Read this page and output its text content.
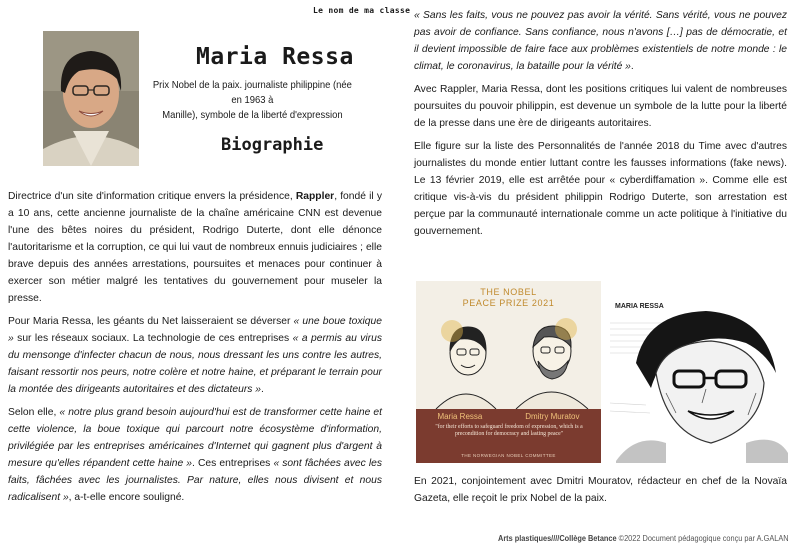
Le nom de ma classe
Maria Ressa
Prix Nobel de la paix. journaliste philippine (née en 1963 à
Manille), symbole de la liberté d'expression
Biographie

Directrice d'un site d'information critique envers la présidence, Rappler, fondé il y a 10 ans, cette ancienne journaliste de la chaîne américaine CNN est devenue l'une des bêtes noires du président, Rodrigo Duterte, dont elle dénonce l'autoritarisme et la corruption, ce qui lui vaut de nombreux ennuis judiciaires ; elle brave depuis des années arrestations, poursuites et menaces pour continuer à exercer son métier malgré les tentatives du gouvernement pour museler la presse.

Pour Maria Ressa, les géants du Net laisseraient se déverser « une boue toxique » sur les réseaux sociaux. La technologie de ces entreprises « a permis au virus du mensonge d'infecter chacun de nous, nous dressant les uns contre les autres, faisant ressortir nos peurs, notre colère et notre haine, et préparant le terrain pour la montée des dirigeants autoritaires et des dictateurs ».

Selon elle, « notre plus grand besoin aujourd'hui est de transformer cette haine et cette violence, la boue toxique qui parcourt notre écosystème d'information, privilégiée par les entreprises américaines d'Internet qui gagnent plus d'argent à mesure qu'elles répandent cette haine ». Ces entreprises « sont fâchées avec les faits, fâchées avec les journalistes. Par nature, elles nous divisent et nous radicalisent », a-t-elle encore souligné.

« Sans les faits, vous ne pouvez pas avoir la vérité. Sans vérité, vous ne pouvez pas avoir de confiance. Sans confiance, nous n'avons […] pas de démocratie, et il devient impossible de faire face aux problèmes existentiels de notre monde : le climat, le coronavirus, la bataille pour la vérité ».

Avec Rappler, Maria Ressa, dont les positions critiques lui valent de nombreuses poursuites du pouvoir philippin, est devenue un symbole de la lutte pour la liberté de la presse dans une ère de dirigeants autoritaires.

Elle figure sur la liste des Personnalités de l'année 2018 du Time avec d'autres journalistes du monde entier luttant contre les fausses informations (fake news). Le 13 février 2019, elle est arrêtée pour « cyberdiffamation ». Comme elle est critique vis-à-vis du président philippin Rodrigo Duterte, son arrestation est perçue par la communauté internationale comme un acte politique à l'initiative du gouvernement.

THE NOBEL
PEACE PRIZE 2021
Maria Ressa	Dmitry Muratov
"for their efforts to safeguard freedom of expression, which is a precondition for democracy and lasting peace"
THE NORWEGIAN NOBEL COMMITTEE
MARIA RESSA

En 2021, conjointement avec Dmitri Mouratov, rédacteur en chef de la Novaïa Gazeta, elle reçoit le prix Nobel de la paix.

Arts plastiques////Collège Betance ©2022 Document pédagogique conçu par A.GALAN
